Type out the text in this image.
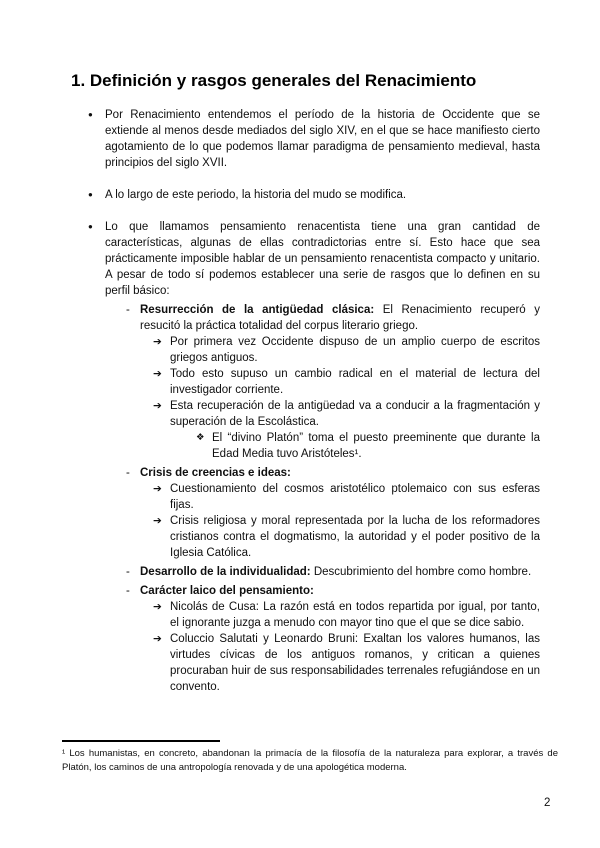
1. Definición y rasgos generales del Renacimiento
●	Por Renacimiento entendemos el período de la historia de Occidente que se extiende al menos desde mediados del siglo XIV, en el que se hace manifiesto cierto agotamiento de lo que podemos llamar paradigma de pensamiento medieval, hasta principios del siglo XVII.
●	A lo largo de este periodo, la historia del mudo se modifica.
●	Lo que llamamos pensamiento renacentista tiene una gran cantidad de características, algunas de ellas contradictorias entre sí. Esto hace que sea prácticamente imposible hablar de un pensamiento renacentista compacto y unitario. A pesar de todo sí podemos establecer una serie de rasgos que lo definen en su perfil básico:
- Resurrección de la antigüedad clásica: El Renacimiento recuperó y resucitó la práctica totalidad del corpus literario griego.
➔ Por primera vez Occidente dispuso de un amplio cuerpo de escritos griegos antiguos.
➔ Todo esto supuso un cambio radical en el material de lectura del investigador corriente.
➔ Esta recuperación de la antigüedad va a conducir a la fragmentación y superación de la Escolástica.
❖ El “divino Platón” toma el puesto preeminente que durante la Edad Media tuvo Aristóteles¹.
- Crisis de creencias e ideas:
➔ Cuestionamiento del cosmos aristotélico ptolemaico con sus esferas fijas.
➔ Crisis religiosa y moral representada por la lucha de los reformadores cristianos contra el dogmatismo, la autoridad y el poder positivo de la Iglesia Católica.
- Desarrollo de la individualidad: Descubrimiento del hombre como hombre.
- Carácter laico del pensamiento:
➔ Nicolás de Cusa: La razón está en todos repartida por igual, por tanto, el ignorante juzga a menudo con mayor tino que el que se dice sabio.
➔ Coluccio Salutati y Leonardo Bruni: Exaltan los valores humanos, las virtudes cívicas de los antiguos romanos, y critican a quienes procuraban huir de sus responsabilidades terrenales refugiándose en un convento.
¹ Los humanistas, en concreto, abandonan la primacía de la filosofía de la naturaleza para explorar, a través de Platón, los caminos de una antropología renovada y de una apologética moderna.
2
